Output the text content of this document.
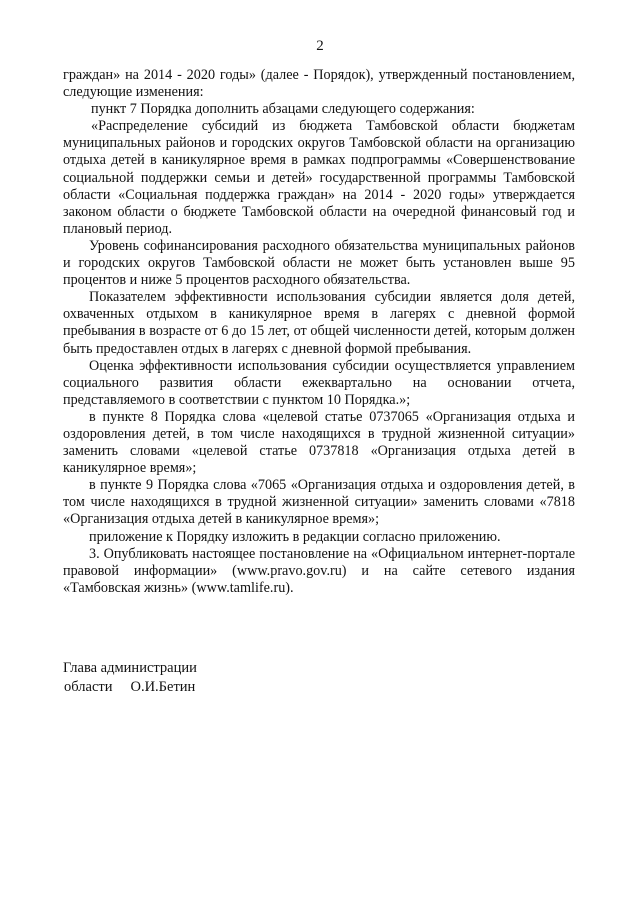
2

граждан» на 2014 - 2020 годы» (далее - Порядок), утвержденный постановлением, следующие изменения:

пункт 7 Порядка дополнить абзацами следующего содержания:

«Распределение субсидий из бюджета Тамбовской области бюджетам муниципальных районов и городских округов Тамбовской области на организацию отдыха детей в каникулярное время в рамках подпрограммы «Совершенствование социальной поддержки семьи и детей» государственной программы Тамбовской области «Социальная поддержка граждан» на 2014 - 2020 годы» утверждается законом области о бюджете Тамбовской области на очередной финансовый год и плановый период.

Уровень софинансирования расходного обязательства муниципальных районов и городских округов Тамбовской области не может быть установлен выше 95 процентов и ниже 5 процентов расходного обязательства.

Показателем эффективности использования субсидии является доля детей, охваченных отдыхом в каникулярное время в лагерях с дневной формой пребывания в возрасте от 6 до 15 лет, от общей численности детей, которым должен быть предоставлен отдых в лагерях с дневной формой пребывания.

Оценка эффективности использования субсидии осуществляется управлением социального развития области ежеквартально на основании отчета, представляемого в соответствии с пунктом 10 Порядка.»;

в пункте 8 Порядка слова «целевой статье 0737065 «Организация отдыха и оздоровления детей, в том числе находящихся в трудной жизненной ситуации» заменить словами «целевой статье 0737818 «Организация отдыха детей в каникулярное время»;

в пункте 9 Порядка слова «7065 «Организация отдыха и оздоровления детей, в том числе находящихся в трудной жизненной ситуации» заменить словами «7818 «Организация отдыха детей в каникулярное время»;

приложение к Порядку изложить в редакции согласно приложению.

3. Опубликовать настоящее постановление на «Официальном интернет-портале правовой информации» (www.pravo.gov.ru) и на сайте сетевого издания «Тамбовская жизнь» (www.tamlife.ru).

Глава администрации
области О.И.Бетин
